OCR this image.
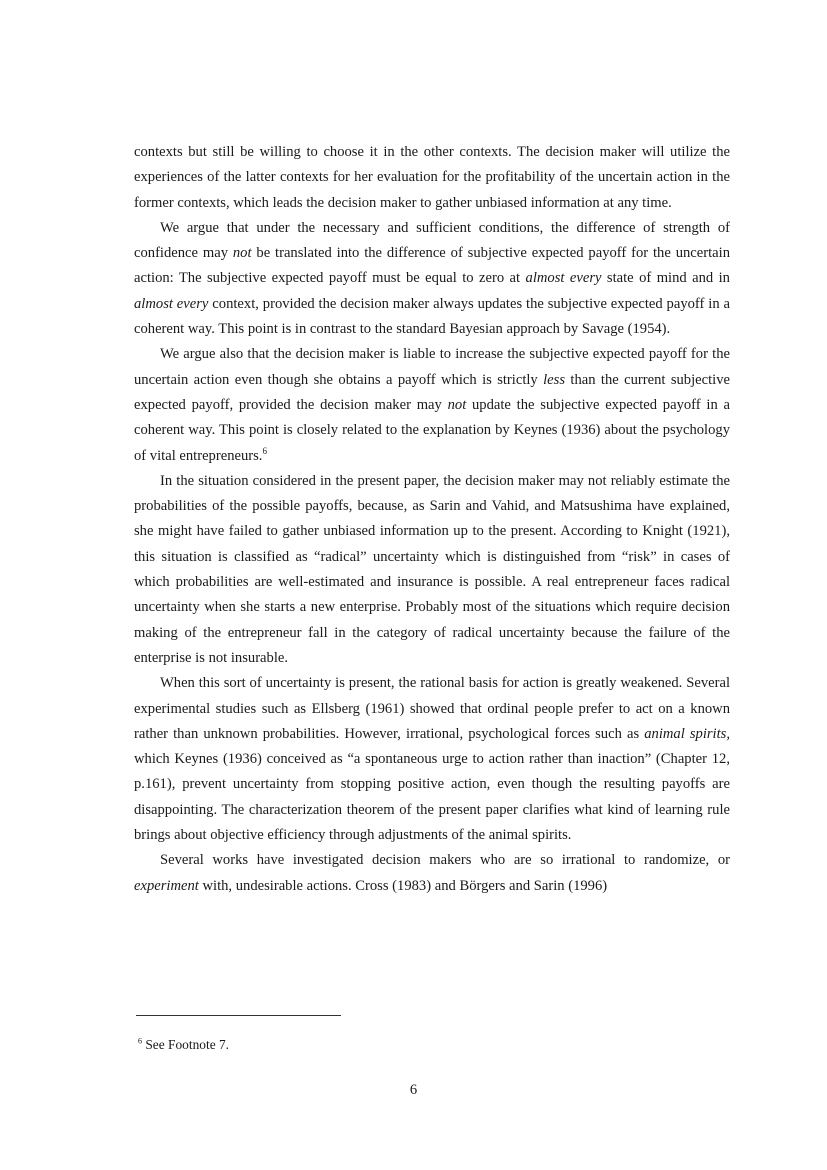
contexts but still be willing to choose it in the other contexts. The decision maker will utilize the experiences of the latter contexts for her evaluation for the profitability of the uncertain action in the former contexts, which leads the decision maker to gather unbiased information at any time.

We argue that under the necessary and sufficient conditions, the difference of strength of confidence may not be translated into the difference of subjective expected payoff for the uncertain action: The subjective expected payoff must be equal to zero at almost every state of mind and in almost every context, provided the decision maker always updates the subjective expected payoff in a coherent way. This point is in contrast to the standard Bayesian approach by Savage (1954).

We argue also that the decision maker is liable to increase the subjective expected payoff for the uncertain action even though she obtains a payoff which is strictly less than the current subjective expected payoff, provided the decision maker may not update the subjective expected payoff in a coherent way. This point is closely related to the explanation by Keynes (1936) about the psychology of vital entrepreneurs.$^6$

In the situation considered in the present paper, the decision maker may not reliably estimate the probabilities of the possible payoffs, because, as Sarin and Vahid, and Matsushima have explained, she might have failed to gather unbiased information up to the present. According to Knight (1921), this situation is classified as “radical” uncertainty which is distinguished from “risk” in cases of which probabilities are well-estimated and insurance is possible. A real entrepreneur faces radical uncertainty when she starts a new enterprise. Probably most of the situations which require decision making of the entrepreneur fall in the category of radical uncertainty because the failure of the enterprise is not insurable.

When this sort of uncertainty is present, the rational basis for action is greatly weakened. Several experimental studies such as Ellsberg (1961) showed that ordinal people prefer to act on a known rather than unknown probabilities. However, irrational, psychological forces such as animal spirits, which Keynes (1936) conceived as “a spontaneous urge to action rather than inaction” (Chapter 12, p.161), prevent uncertainty from stopping positive action, even though the resulting payoffs are disappointing. The characterization theorem of the present paper clarifies what kind of learning rule brings about objective efficiency through adjustments of the animal spirits.

Several works have investigated decision makers who are so irrational to randomize, or experiment with, undesirable actions. Cross (1983) and Börgers and Sarin (1996)

$^6$ See Footnote 7.
6
